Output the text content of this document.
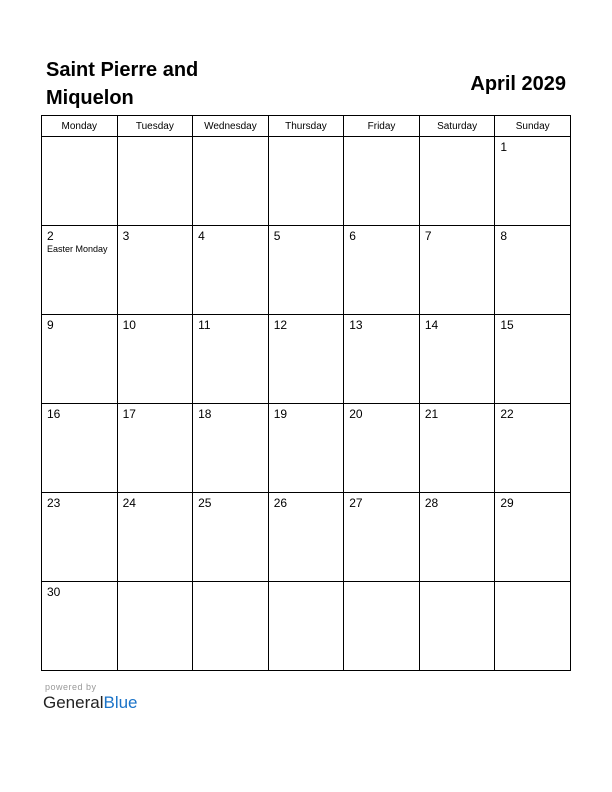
Saint Pierre and Miquelon
April 2029
Monday	Tuesday	Wednesday	Thursday	Friday	Saturday	Sunday

						1

2
Easter Monday	3	4	5	6	7	8

9	10	11	12	13	14	15

16	17	18	19	20	21	22

23	24	25	26	27	28	29

30						

powered by
GeneralBlue
